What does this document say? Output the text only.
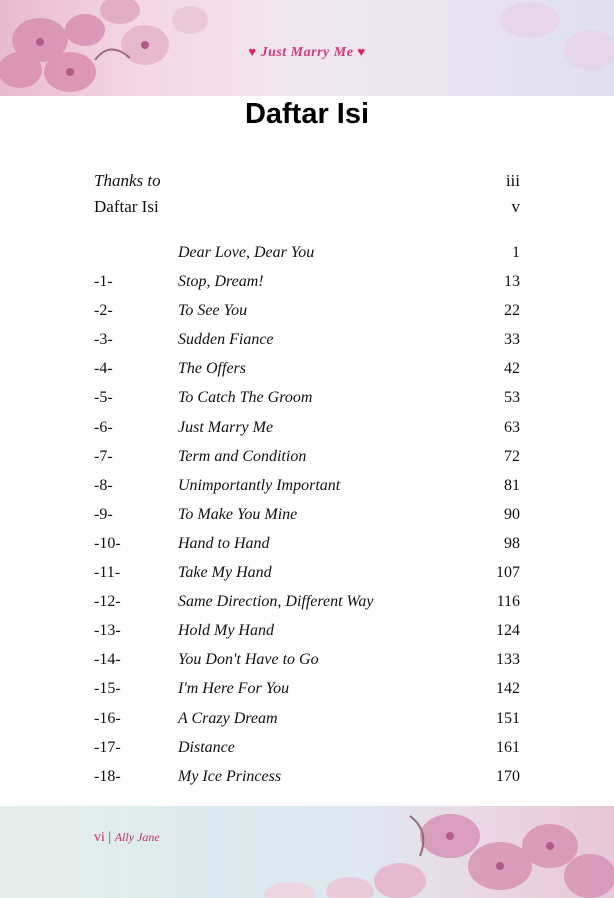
♥ Just Marry Me ♥
Daftar Isi
Thanks to	iii
Daftar Isi	v
Dear Love, Dear You	1
-1-	Stop, Dream!	13
-2-	To See You	22
-3-	Sudden Fiance	33
-4-	The Offers	42
-5-	To Catch The Groom	53
-6-	Just Marry Me	63
-7-	Term and Condition	72
-8-	Unimportantly Important	81
-9-	To Make You Mine	90
-10-	Hand to Hand	98
-11-	Take My Hand	107
-12-	Same Direction, Different Way	116
-13-	Hold My Hand	124
-14-	You Don't Have to Go	133
-15-	I'm Here For You	142
-16-	A Crazy Dream	151
-17-	Distance	161
-18-	My Ice Princess	170
vi | Ally Jane
